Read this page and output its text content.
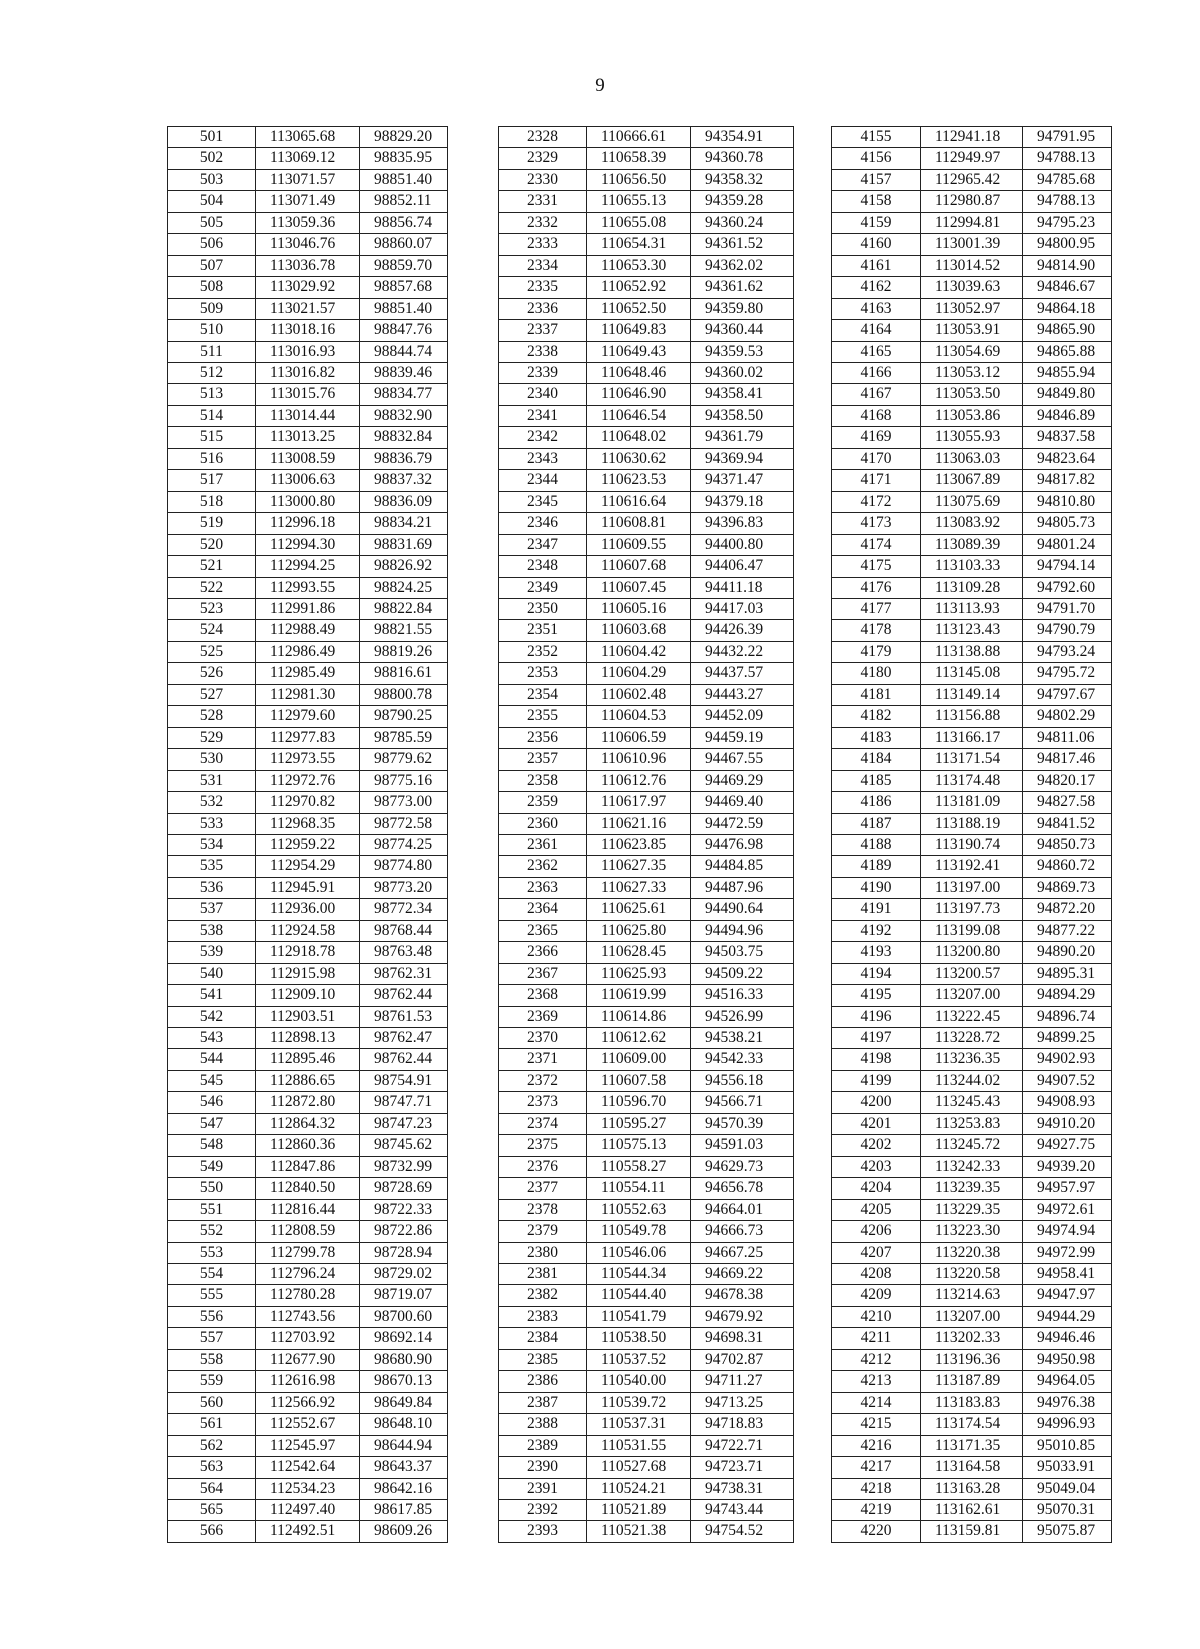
9
501	113065.68	98829.20
502	113069.12	98835.95
503	113071.57	98851.40
504	113071.49	98852.11
505	113059.36	98856.74
506	113046.76	98860.07
507	113036.78	98859.70
508	113029.92	98857.68
509	113021.57	98851.40
510	113018.16	98847.76
511	113016.93	98844.74
512	113016.82	98839.46
513	113015.76	98834.77
514	113014.44	98832.90
515	113013.25	98832.84
516	113008.59	98836.79
517	113006.63	98837.32
518	113000.80	98836.09
519	112996.18	98834.21
520	112994.30	98831.69
521	112994.25	98826.92
522	112993.55	98824.25
523	112991.86	98822.84
524	112988.49	98821.55
525	112986.49	98819.26
526	112985.49	98816.61
527	112981.30	98800.78
528	112979.60	98790.25
529	112977.83	98785.59
530	112973.55	98779.62
531	112972.76	98775.16
532	112970.82	98773.00
533	112968.35	98772.58
534	112959.22	98774.25
535	112954.29	98774.80
536	112945.91	98773.20
537	112936.00	98772.34
538	112924.58	98768.44
539	112918.78	98763.48
540	112915.98	98762.31
541	112909.10	98762.44
542	112903.51	98761.53
543	112898.13	98762.47
544	112895.46	98762.44
545	112886.65	98754.91
546	112872.80	98747.71
547	112864.32	98747.23
548	112860.36	98745.62
549	112847.86	98732.99
550	112840.50	98728.69
551	112816.44	98722.33
552	112808.59	98722.86
553	112799.78	98728.94
554	112796.24	98729.02
555	112780.28	98719.07
556	112743.56	98700.60
557	112703.92	98692.14
558	112677.90	98680.90
559	112616.98	98670.13
560	112566.92	98649.84
561	112552.67	98648.10
562	112545.97	98644.94
563	112542.64	98643.37
564	112534.23	98642.16
565	112497.40	98617.85
566	112492.51	98609.26
2328	110666.61	94354.91
2329	110658.39	94360.78
2330	110656.50	94358.32
2331	110655.13	94359.28
2332	110655.08	94360.24
2333	110654.31	94361.52
2334	110653.30	94362.02
2335	110652.92	94361.62
2336	110652.50	94359.80
2337	110649.83	94360.44
2338	110649.43	94359.53
2339	110648.46	94360.02
2340	110646.90	94358.41
2341	110646.54	94358.50
2342	110648.02	94361.79
2343	110630.62	94369.94
2344	110623.53	94371.47
2345	110616.64	94379.18
2346	110608.81	94396.83
2347	110609.55	94400.80
2348	110607.68	94406.47
2349	110607.45	94411.18
2350	110605.16	94417.03
2351	110603.68	94426.39
2352	110604.42	94432.22
2353	110604.29	94437.57
2354	110602.48	94443.27
2355	110604.53	94452.09
2356	110606.59	94459.19
2357	110610.96	94467.55
2358	110612.76	94469.29
2359	110617.97	94469.40
2360	110621.16	94472.59
2361	110623.85	94476.98
2362	110627.35	94484.85
2363	110627.33	94487.96
2364	110625.61	94490.64
2365	110625.80	94494.96
2366	110628.45	94503.75
2367	110625.93	94509.22
2368	110619.99	94516.33
2369	110614.86	94526.99
2370	110612.62	94538.21
2371	110609.00	94542.33
2372	110607.58	94556.18
2373	110596.70	94566.71
2374	110595.27	94570.39
2375	110575.13	94591.03
2376	110558.27	94629.73
2377	110554.11	94656.78
2378	110552.63	94664.01
2379	110549.78	94666.73
2380	110546.06	94667.25
2381	110544.34	94669.22
2382	110544.40	94678.38
2383	110541.79	94679.92
2384	110538.50	94698.31
2385	110537.52	94702.87
2386	110540.00	94711.27
2387	110539.72	94713.25
2388	110537.31	94718.83
2389	110531.55	94722.71
2390	110527.68	94723.71
2391	110524.21	94738.31
2392	110521.89	94743.44
2393	110521.38	94754.52
4155	112941.18	94791.95
4156	112949.97	94788.13
4157	112965.42	94785.68
4158	112980.87	94788.13
4159	112994.81	94795.23
4160	113001.39	94800.95
4161	113014.52	94814.90
4162	113039.63	94846.67
4163	113052.97	94864.18
4164	113053.91	94865.90
4165	113054.69	94865.88
4166	113053.12	94855.94
4167	113053.50	94849.80
4168	113053.86	94846.89
4169	113055.93	94837.58
4170	113063.03	94823.64
4171	113067.89	94817.82
4172	113075.69	94810.80
4173	113083.92	94805.73
4174	113089.39	94801.24
4175	113103.33	94794.14
4176	113109.28	94792.60
4177	113113.93	94791.70
4178	113123.43	94790.79
4179	113138.88	94793.24
4180	113145.08	94795.72
4181	113149.14	94797.67
4182	113156.88	94802.29
4183	113166.17	94811.06
4184	113171.54	94817.46
4185	113174.48	94820.17
4186	113181.09	94827.58
4187	113188.19	94841.52
4188	113190.74	94850.73
4189	113192.41	94860.72
4190	113197.00	94869.73
4191	113197.73	94872.20
4192	113199.08	94877.22
4193	113200.80	94890.20
4194	113200.57	94895.31
4195	113207.00	94894.29
4196	113222.45	94896.74
4197	113228.72	94899.25
4198	113236.35	94902.93
4199	113244.02	94907.52
4200	113245.43	94908.93
4201	113253.83	94910.20
4202	113245.72	94927.75
4203	113242.33	94939.20
4204	113239.35	94957.97
4205	113229.35	94972.61
4206	113223.30	94974.94
4207	113220.38	94972.99
4208	113220.58	94958.41
4209	113214.63	94947.97
4210	113207.00	94944.29
4211	113202.33	94946.46
4212	113196.36	94950.98
4213	113187.89	94964.05
4214	113183.83	94976.38
4215	113174.54	94996.93
4216	113171.35	95010.85
4217	113164.58	95033.91
4218	113163.28	95049.04
4219	113162.61	95070.31
4220	113159.81	95075.87
